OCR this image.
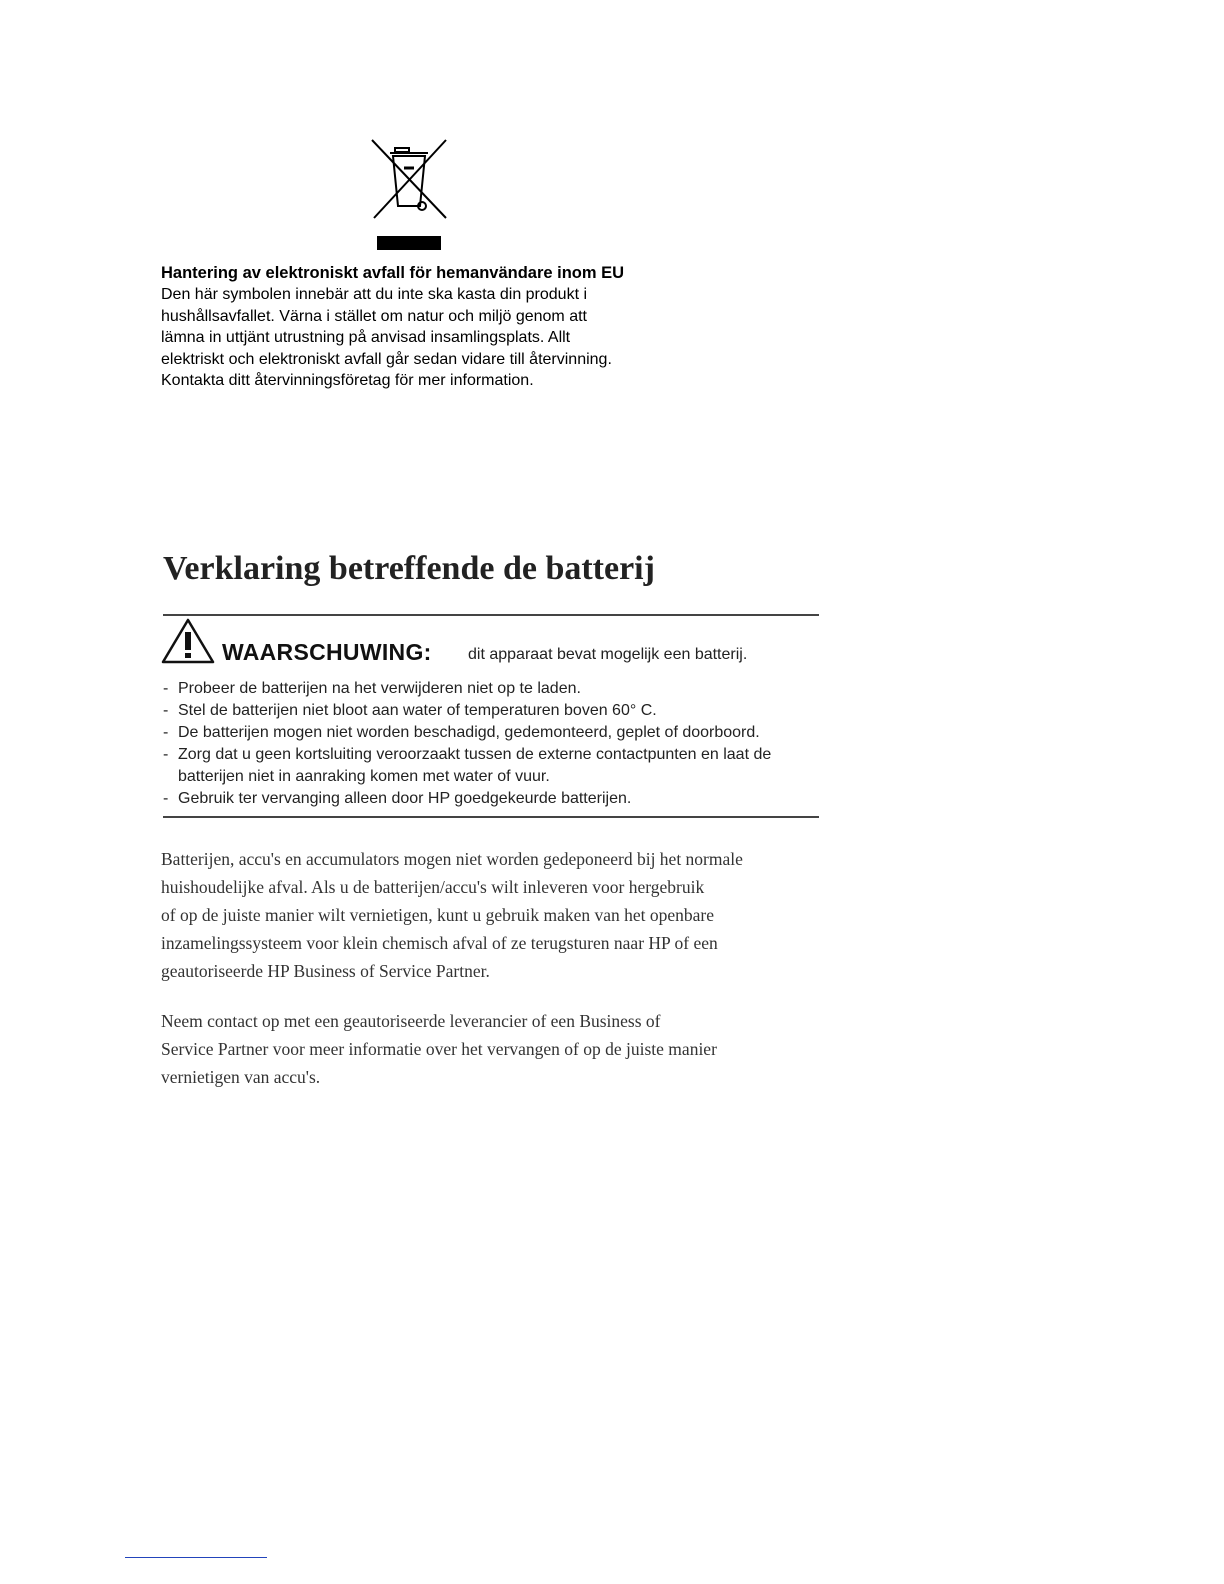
Hantering av elektroniskt avfall för hemanvändare inom EU
Den här symbolen innebär att du inte ska kasta din produkt i
hushållsavfallet. Värna i stället om natur och miljö genom att
lämna in uttjänt utrustning på anvisad insamlingsplats. Allt
elektriskt och elektroniskt avfall går sedan vidare till återvinning.
Kontakta ditt återvinningsföretag för mer information.
Verklaring betreffende de batterij
WAARSCHUWING: dit apparaat bevat mogelijk een batterij.
- Probeer de batterijen na het verwijderen niet op te laden.
- Stel de batterijen niet bloot aan water of temperaturen boven 60° C.
- De batterijen mogen niet worden beschadigd, gedemonteerd, geplet of doorboord.
- Zorg dat u geen kortsluiting veroorzaakt tussen de externe contactpunten en laat de batterijen niet in aanraking komen met water of vuur.
- Gebruik ter vervanging alleen door HP goedgekeurde batterijen.
Batterijen, accu's en accumulators mogen niet worden gedeponeerd bij het normale
huishoudelijke afval. Als u de batterijen/accu's wilt inleveren voor hergebruik
of op de juiste manier wilt vernietigen, kunt u gebruik maken van het openbare
inzamelingssysteem voor klein chemisch afval of ze terugsturen naar HP of een
geautoriseerde HP Business of Service Partner.
Neem contact op met een geautoriseerde leverancier of een Business of
Service Partner voor meer informatie over het vervangen of op de juiste manier
vernietigen van accu's.
